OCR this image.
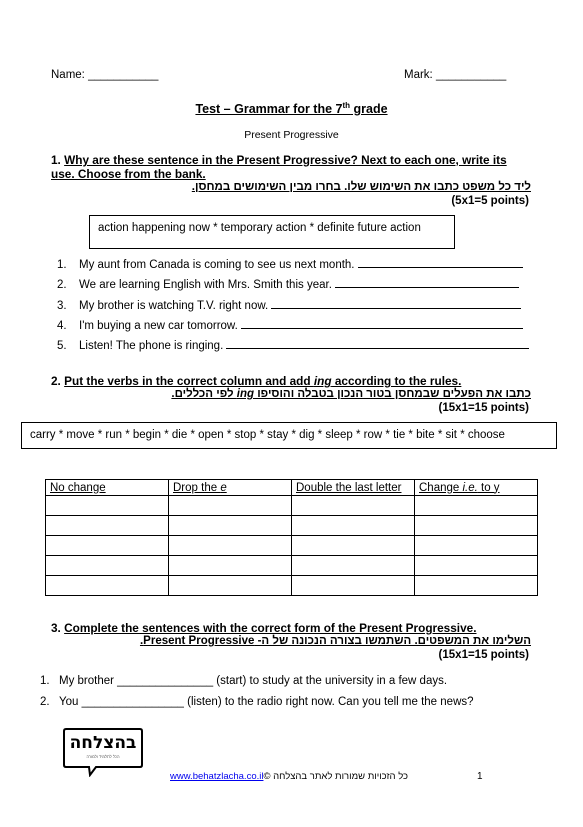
Name: ___________	Mark: ___________
Test – Grammar for the 7th grade
Present Progressive
1. Why are these sentence in the Present Progressive? Next to each one, write its
use. Choose from the bank.
ליד כל משפט כתבו את השימוש שלו. בחרו מבין השימושים במחסן.
(5x1=5 points)
action happening now * temporary action * definite future action
1. My aunt from Canada is coming to see us next month.
2. We are learning English with Mrs. Smith this year.
3. My brother is watching T.V. right now.
4. I'm buying a new car tomorrow.
5. Listen! The phone is ringing.
2. Put the verbs in the correct column and add ing according to the rules.
כתבו את הפעלים שבמחסן בטור הנכון בטבלה והוסיפו ing לפי הכללים.
(15x1=15 points)
carry * move * run * begin * die * open * stop * stay * dig * sleep * row * tie * bite * sit * choose
No change	Drop the e	Double the last letter	Change i.e. to y

3. Complete the sentences with the correct form of the Present Progressive.
השלימו את המשפטים. השתמשו בצורה הנכונה של ה- Present Progressive.
(15x1=15 points)
1. My brother _______________ (start) to study at the university in a few days.
2. You ________________ (listen) to the radio right now. Can you tell me the news?
בהצלחה
הכל לתלמיד ולמורה
כל הזכויות שמורות לאתר בהצלחה ©www.behatzlacha.co.il	1
